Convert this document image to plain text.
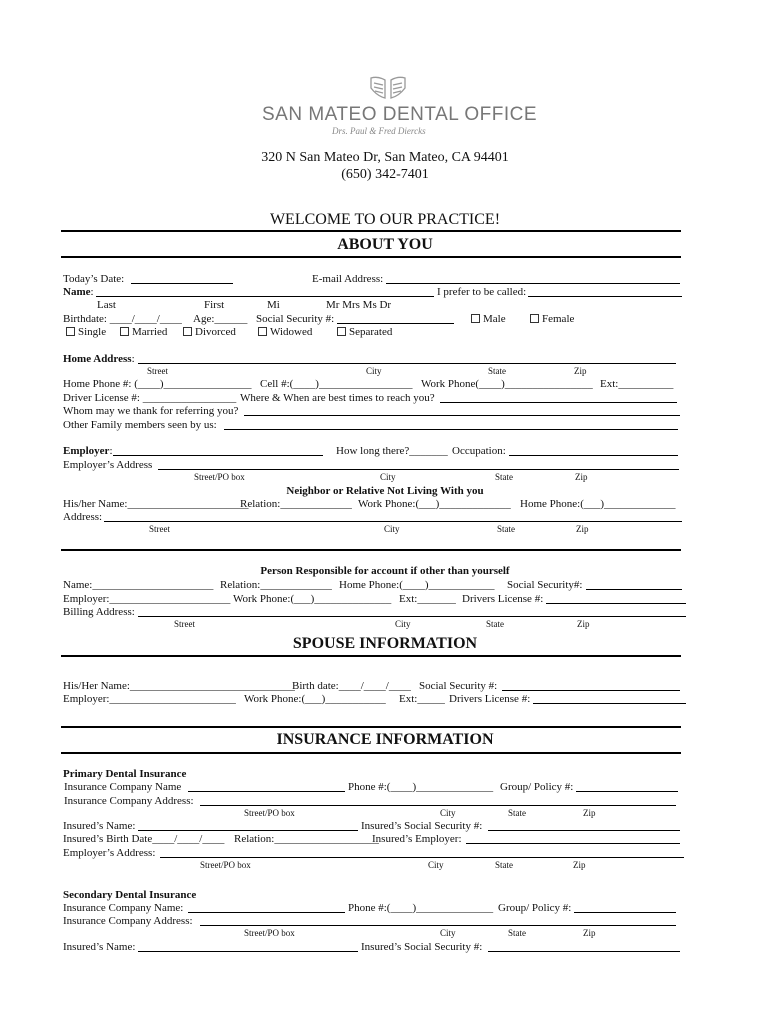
SAN MATEO DENTAL OFFICE
Drs. Paul & Fred Diercks
320 N San Mateo Dr, San Mateo, CA 94401
(650) 342-7401
WELCOME TO OUR PRACTICE!
ABOUT YOU
Today’s Date:	E-mail Address:
Name:	I prefer to be called:
Last	First	Mi	Mr Mrs Ms Dr
Birthdate: ____/____/____ Age:______ Social Security #:	Male	Female
Single	Married	Divorced	Widowed	Separated
Home Address:
Street	City	State	Zip
Home Phone #: (____)________________ Cell #:(____)_________________ Work Phone(____)________________ Ext:__________
Driver License #: _________________ Where & When are best times to reach you?
Whom may we thank for referring you?
Other Family members seen by us:
Employer:	How long there?_______ Occupation:
Employer’s Address
Street/PO box	City	State	Zip
Neighbor or Relative Not Living With you
His/her Name:______________________
Relation:_____________ Work Phone:(___)_____________ Home Phone:(___)_____________
Address:
Street	City	State	Zip
Person Responsible for account if other than yourself
Name:______________________ Relation:_____________ Home Phone:(____)____________ Social Security#:
Employer:______________________ Work Phone:(___)______________ Ext:_______ Drivers License #:
Billing Address:
Street	City	State	Zip
SPOUSE INFORMATION
His/Her Name:______________________________
Birth date:____/____/____ Social Security #:
Employer:_______________________ Work Phone:(___)___________ Ext:_____ Drivers License #:
INSURANCE INFORMATION
Primary Dental Insurance
Insurance Company Name	Phone #:(____)______________ Group/ Policy #:
Insurance Company Address:
Street/PO box	City	State	Zip
Insured’s Name:	Insured’s Social Security #:
Insured’s Birth Date____/____/____ Relation:___________________
Insured’s Employer:
Employer’s Address:
Street/PO box	City	State	Zip
Secondary Dental Insurance
Insurance Company Name:	Phone #:(____)______________ Group/ Policy #:
Insurance Company Address:
Street/PO box	City	State	Zip
Insured’s Name:	Insured’s Social Security #:
